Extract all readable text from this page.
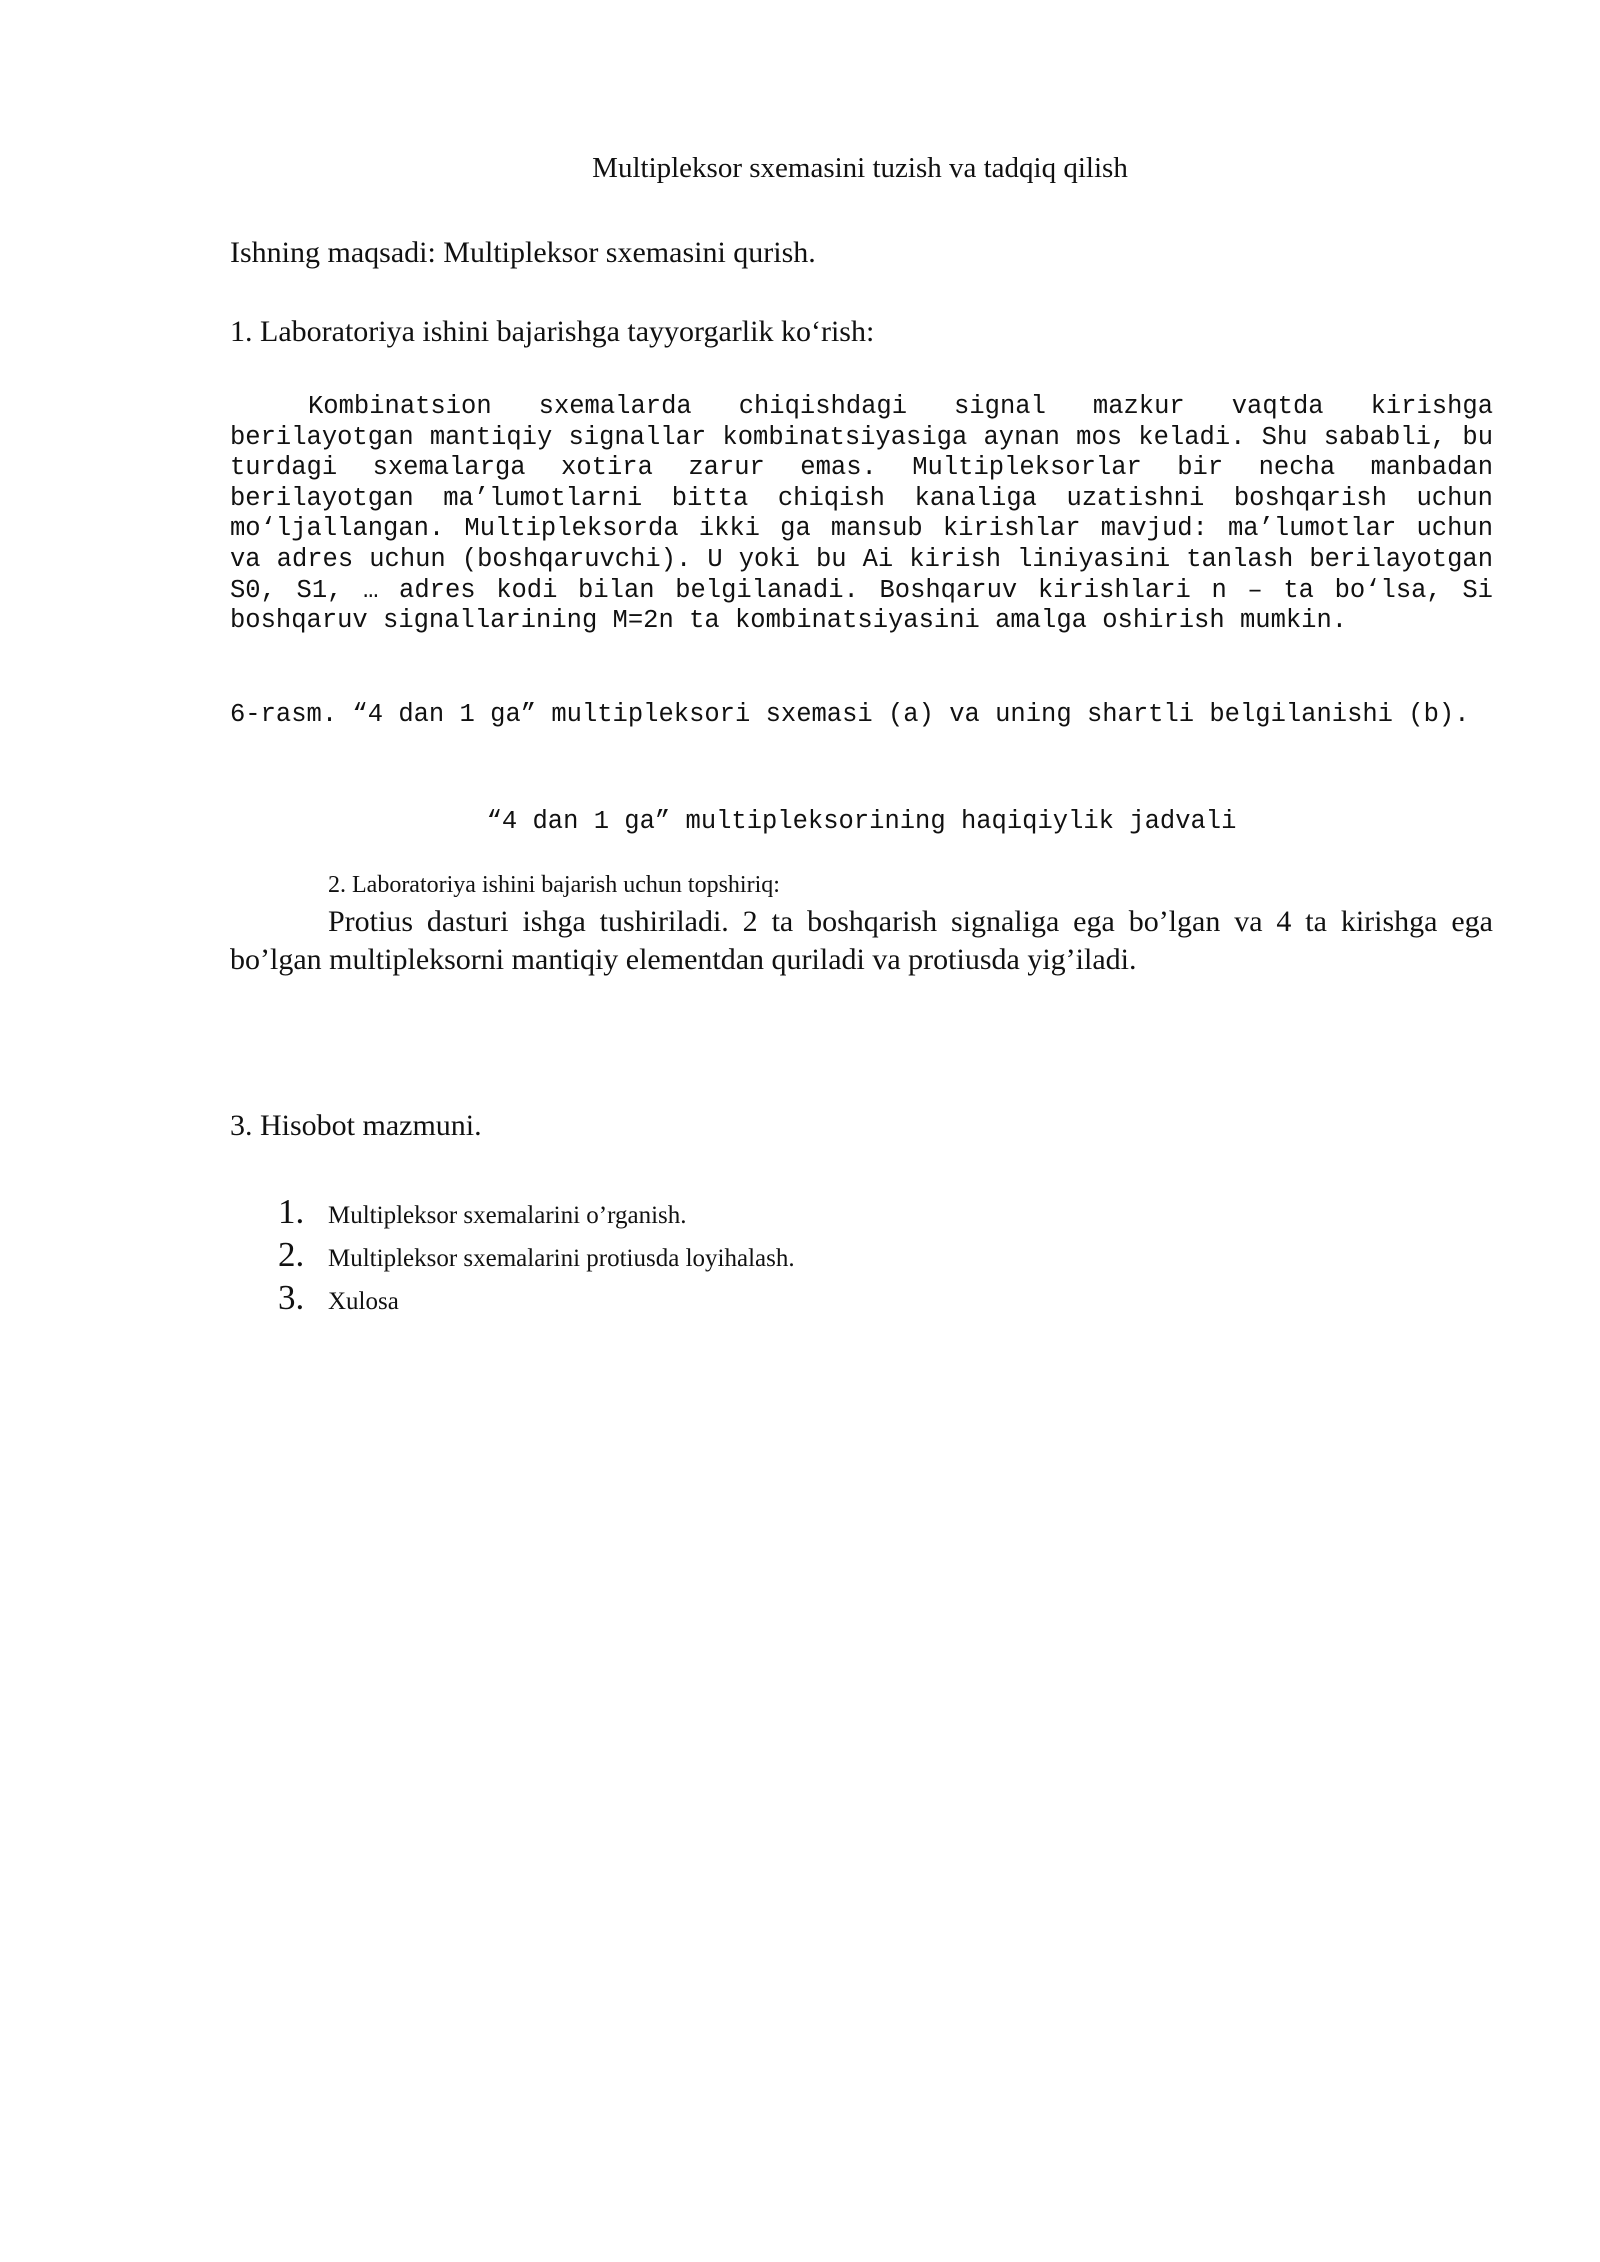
Multipleksor sxemasini tuzish va tadqiq qilish
Ishning maqsadi: Multipleksor sxemasini qurish.
1. Laboratoriya ishini bajarishga tayyorgarlik ko‘rish:

Kombinatsion sxemalarda chiqishdagi signal mazkur vaqtda kirishga berilayotgan mantiqiy signallar kombinatsiyasiga aynan mos keladi. Shu sababli, bu turdagi sxemalarga xotira zarur emas. Multipleksorlar bir necha manbadan berilayotgan ma’lumotlarni bitta chiqish kanaliga uzatishni boshqarish uchun mo‘ljallangan. Multipleksorda ikki ga mansub kirishlar mavjud: ma’lumotlar uchun va adres uchun (boshqaruvchi). U yoki bu Ai kirish liniyasini tanlash berilayotgan S0, S1, … adres kodi bilan belgilanadi. Boshqaruv kirishlari n – ta bo‘lsa, Si boshqaruv signallarining M=2n ta kombinatsiyasini amalga oshirish mumkin.

6-rasm. “4 dan 1 ga” multipleksori sxemasi (a) va uning shartli belgilanishi (b).

“4 dan 1 ga” multipleksorining haqiqiylik jadvali
2. Laboratoriya ishini bajarish uchun topshiriq:

Protius dasturi ishga tushiriladi. 2 ta boshqarish signaliga ega bo’lgan va 4 ta kirishga ega bo’lgan multipleksorni mantiqiy elementdan quriladi va protiusda yig’iladi.

3. Hisobot mazmuni.
1. Multipleksor sxemalarini o’rganish.
2. Multipleksor sxemalarini protiusda loyihalash.
3. Xulosa
